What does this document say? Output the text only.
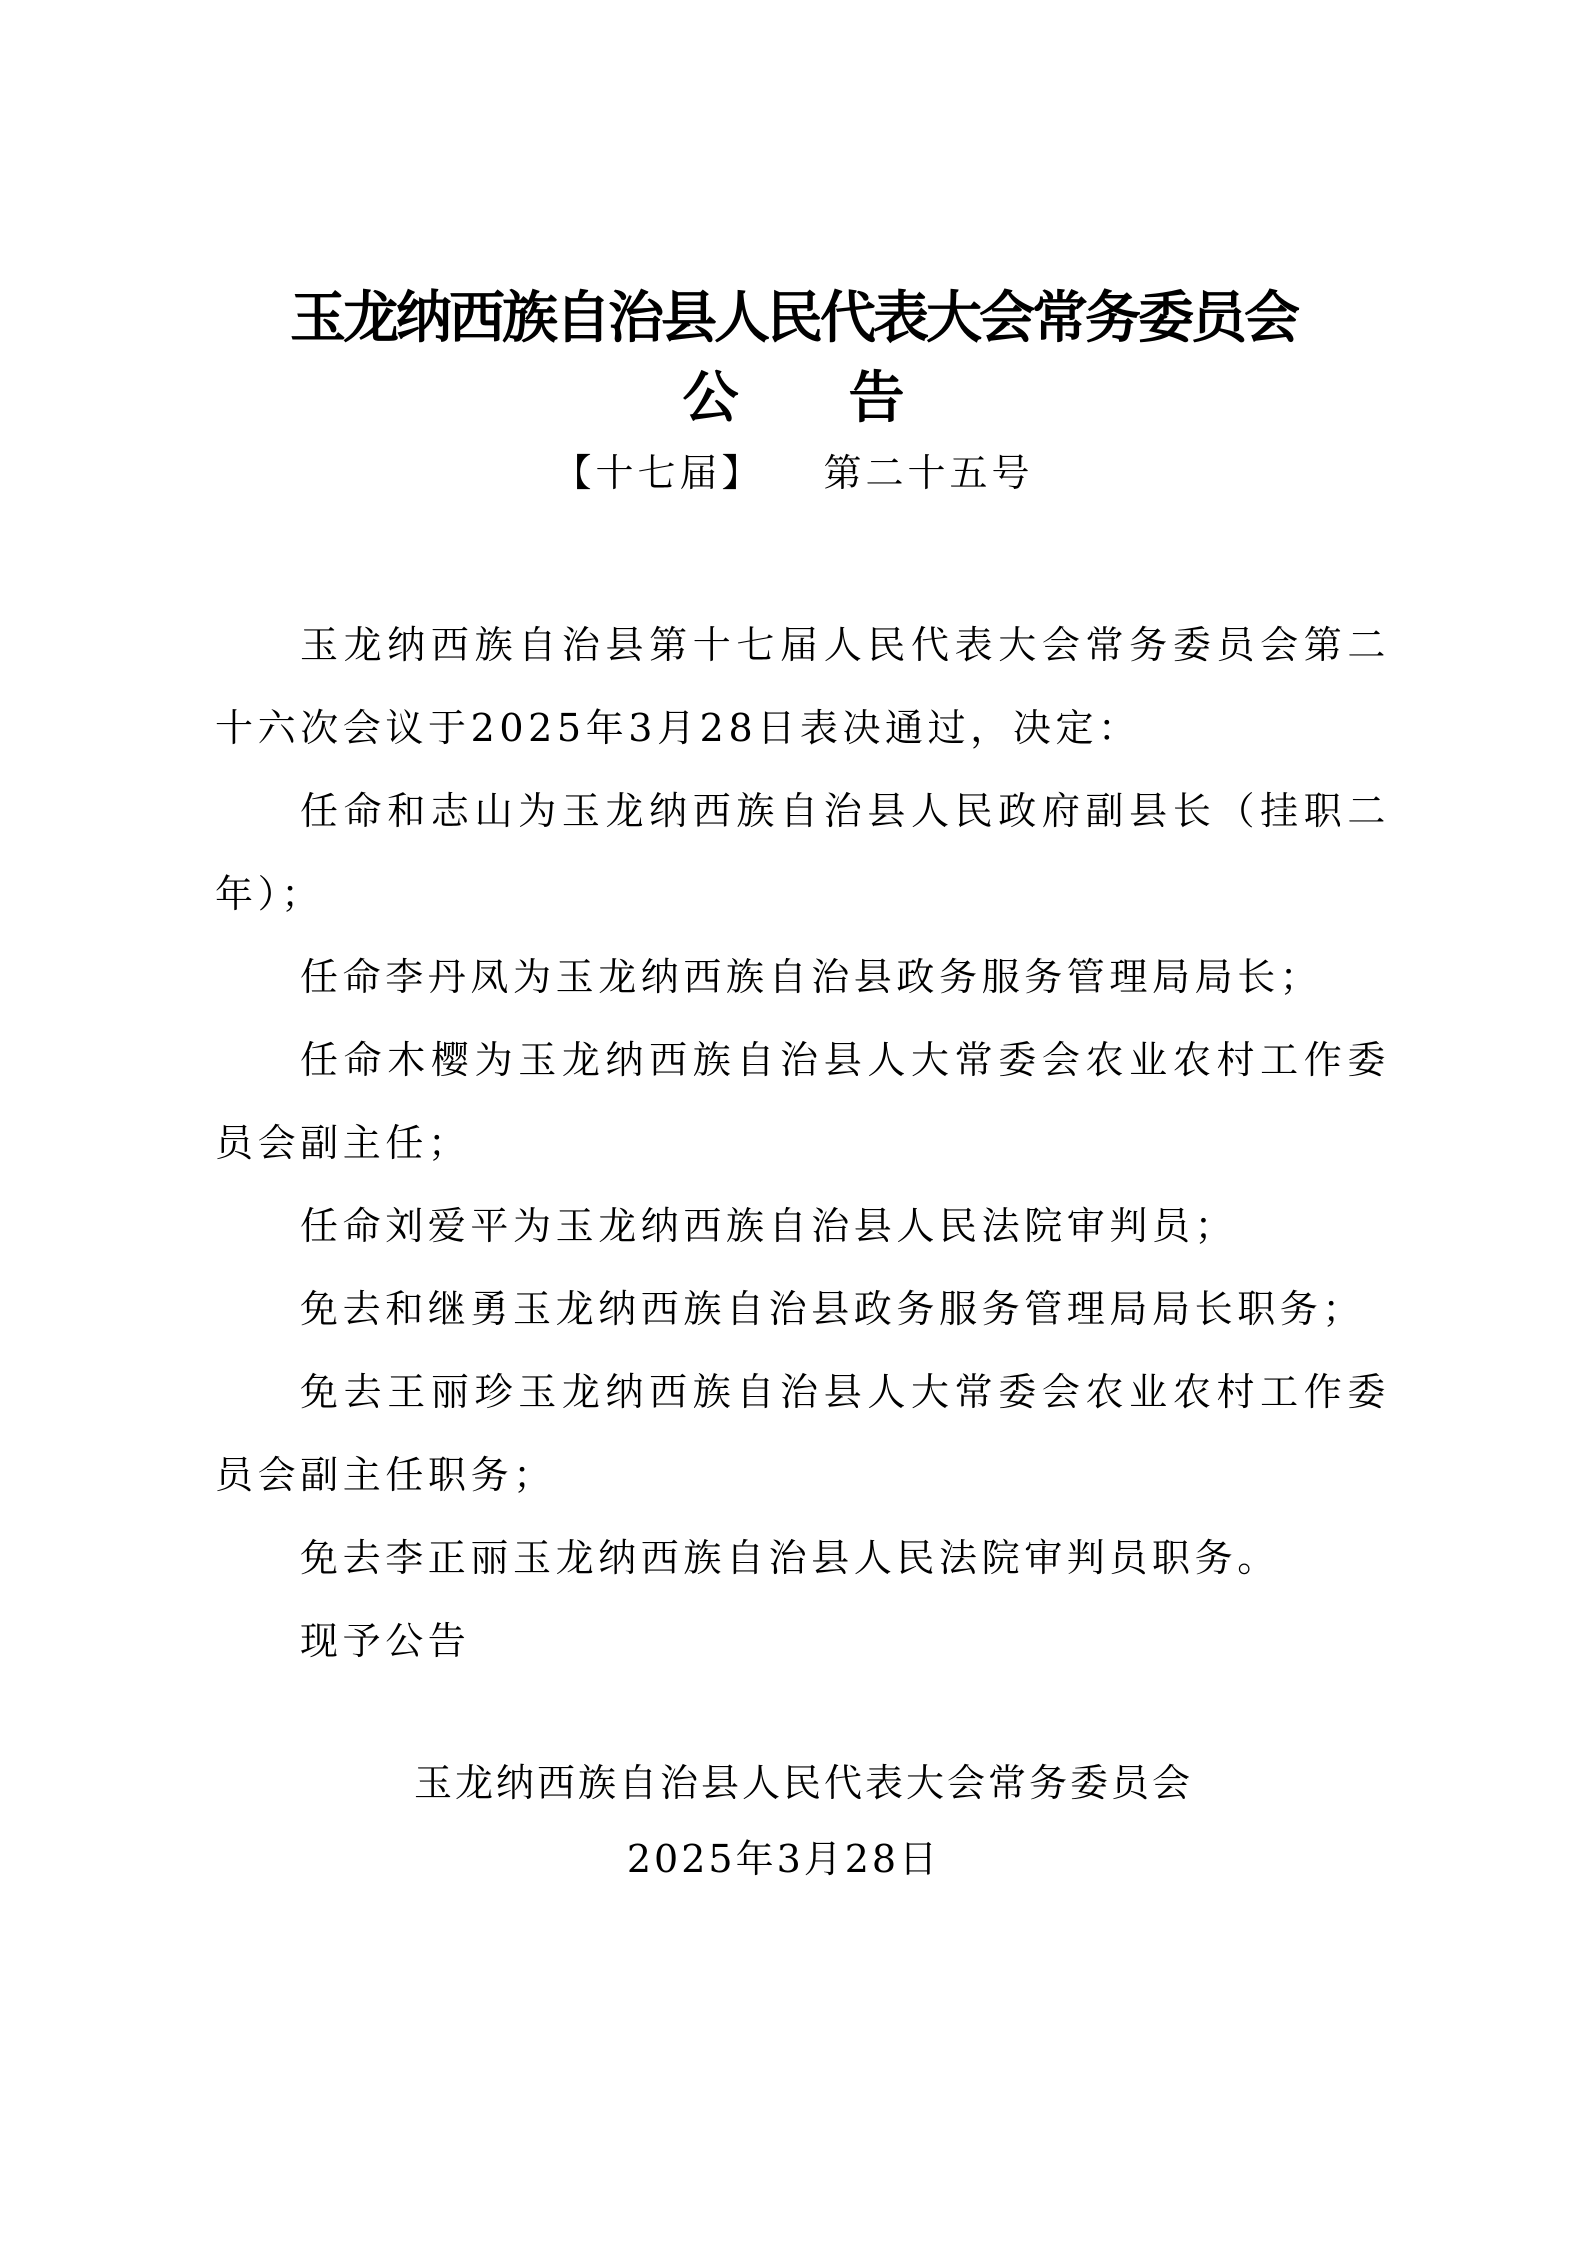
玉龙纳西族自治县人民代表大会常务委员会
公 告
【十七届】 第二十五号

玉龙纳西族自治县第十七届人民代表大会常务委员会第二十六次会议于2025年3月28日表决通过，决定：

任命和志山为玉龙纳西族自治县人民政府副县长（挂职二年）；

任命李丹凤为玉龙纳西族自治县政务服务管理局局长；

任命木樱为玉龙纳西族自治县人大常委会农业农村工作委员会副主任；

任命刘爱平为玉龙纳西族自治县人民法院审判员；

免去和继勇玉龙纳西族自治县政务服务管理局局长职务；

免去王丽珍玉龙纳西族自治县人大常委会农业农村工作委员会副主任职务；

免去李正丽玉龙纳西族自治县人民法院审判员职务。

现予公告

玉龙纳西族自治县人民代表大会常务委员会
2025年3月28日
